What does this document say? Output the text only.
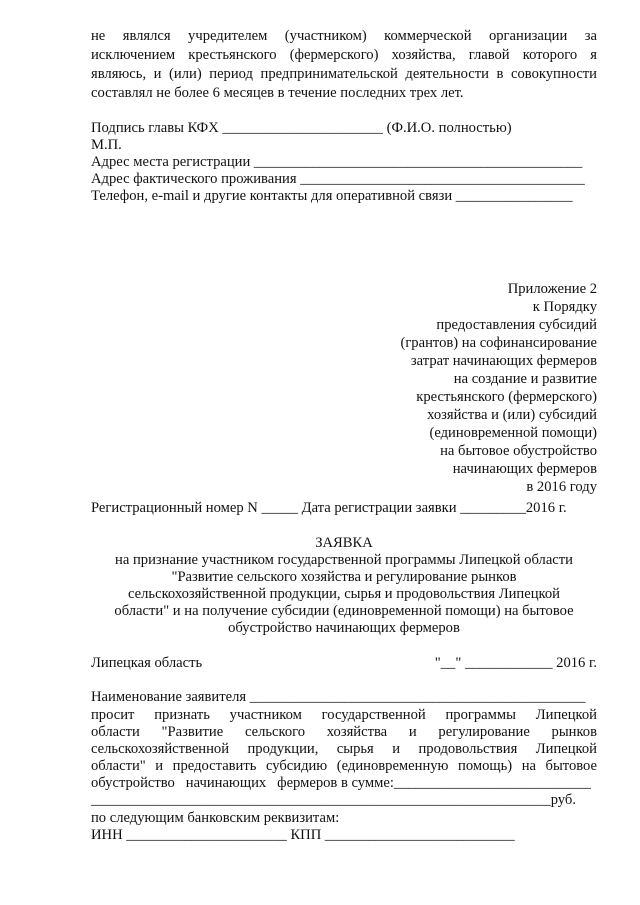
не являлся учредителем (участником) коммерческой организации за
исключением крестьянского (фермерского) хозяйства, главой которого я
являюсь, и (или) период предпринимательской деятельности в совокупности
составлял не более 6 месяцев в течение последних трех лет.
Подпись главы КФХ ______________________ (Ф.И.О. полностью)
М.П.
Адрес места регистрации _____________________________________________
Адрес фактического проживания _______________________________________
Телефон, e-mail и другие контакты для оперативной связи ________________
Приложение 2
к Порядку
предоставления субсидий
(грантов) на софинансирование
затрат начинающих фермеров
на создание и развитие
крестьянского (фермерского)
хозяйства и (или) субсидий
(единовременной помощи)
на бытовое обустройство
начинающих фермеров
в 2016 году
Регистрационный номер N _____ Дата регистрации заявки _________2016 г.
ЗАЯВКА
на признание участником государственной программы Липецкой области
"Развитие сельского хозяйства и регулирование рынков
сельскохозяйственной продукции, сырья и продовольствия Липецкой
области" и на получение субсидии (единовременной помощи) на бытовое
обустройство начинающих фермеров
Липецкая область	"__" ____________ 2016 г.
Наименование заявителя ______________________________________________
просит признать участником государственной программы Липецкой
области "Развитие сельского хозяйства и регулирование рынков
сельскохозяйственной продукции, сырья и продовольствия Липецкой
области" и предоставить субсидию (единовременную помощь) на бытовое
обустройство   начинающих   фермеров в сумме:___________________________
_______________________________________________________________руб.
по следующим банковским реквизитам:
ИНН ______________________ КПП __________________________
